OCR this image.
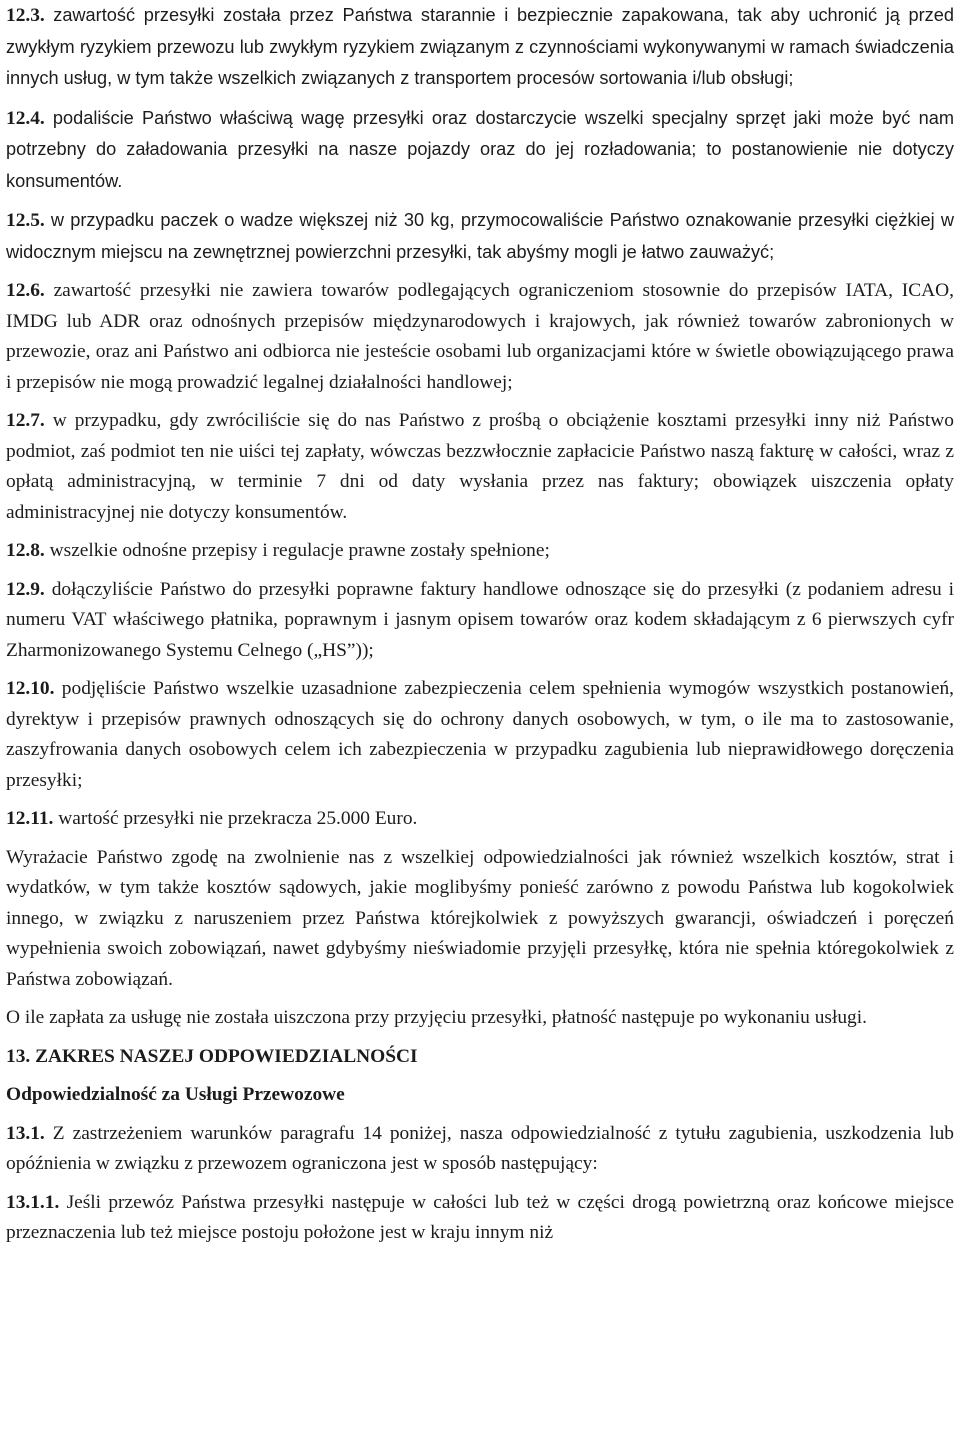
12.3. zawartość przesyłki została przez Państwa starannie i bezpiecznie zapakowana, tak aby uchronić ją przed zwykłym ryzykiem przewozu lub zwykłym ryzykiem związanym z czynnościami wykonywanymi w ramach świadczenia innych usług, w tym także wszelkich związanych z transportem procesów sortowania i/lub obsługi;

12.4. podaliście Państwo właściwą wagę przesyłki oraz dostarczycie wszelki specjalny sprzęt jaki może być nam potrzebny do załadowania przesyłki na nasze pojazdy oraz do jej rozładowania; to postanowienie nie dotyczy konsumentów.

12.5. w przypadku paczek o wadze większej niż 30 kg, przymocowaliście Państwo oznakowanie przesyłki ciężkiej w widocznym miejscu na zewnętrznej powierzchni przesyłki, tak abyśmy mogli je łatwo zauważyć;

12.6. zawartość przesyłki nie zawiera towarów podlegających ograniczeniom stosownie do przepisów IATA, ICAO, IMDG lub ADR oraz odnośnych przepisów międzynarodowych i krajowych, jak również towarów zabronionych w przewozie, oraz ani Państwo ani odbiorca nie jesteście osobami lub organizacjami które w świetle obowiązującego prawa i przepisów nie mogą prowadzić legalnej działalności handlowej;

12.7. w przypadku, gdy zwróciliście się do nas Państwo z prośbą o obciążenie kosztami przesyłki inny niż Państwo podmiot, zaś podmiot ten nie uiści tej zapłaty, wówczas bezzwłocznie zapłacicie Państwo naszą fakturę w całości, wraz z opłatą administracyjną, w terminie 7 dni od daty wysłania przez nas faktury; obowiązek uiszczenia opłaty administracyjnej nie dotyczy konsumentów.

12.8. wszelkie odnośne przepisy i regulacje prawne zostały spełnione;

12.9. dołączyliście Państwo do przesyłki poprawne faktury handlowe odnoszące się do przesyłki (z podaniem adresu i numeru VAT właściwego płatnika, poprawnym i jasnym opisem towarów oraz kodem składającym z 6 pierwszych cyfr Zharmonizowanego Systemu Celnego („HS”));

12.10. podjęliście Państwo wszelkie uzasadnione zabezpieczenia celem spełnienia wymogów wszystkich postanowień, dyrektyw i przepisów prawnych odnoszących się do ochrony danych osobowych, w tym, o ile ma to zastosowanie, zaszyfrowania danych osobowych celem ich zabezpieczenia w przypadku zagubienia lub nieprawidłowego doręczenia przesyłki;

12.11. wartość przesyłki nie przekracza 25.000 Euro.

Wyrażacie Państwo zgodę na zwolnienie nas z wszelkiej odpowiedzialności jak również wszelkich kosztów, strat i wydatków, w tym także kosztów sądowych, jakie moglibyśmy ponieść zarówno z powodu Państwa lub kogokolwiek innego, w związku z naruszeniem przez Państwa którejkolwiek z powyższych gwarancji, oświadczeń i poręczeń wypełnienia swoich zobowiązań, nawet gdybyśmy nieświadomie przyjęli przesyłkę, która nie spełnia któregokolwiek z Państwa zobowiązań.

O ile zapłata za usługę nie została uiszczona przy przyjęciu przesyłki, płatność następuje po wykonaniu usługi.

13. ZAKRES NASZEJ ODPOWIEDZIALNOŚCI

Odpowiedzialność za Usługi Przewozowe

13.1. Z zastrzeżeniem warunków paragrafu 14 poniżej, nasza odpowiedzialność z tytułu zagubienia, uszkodzenia lub opóźnienia w związku z przewozem ograniczona jest w sposób następujący:

13.1.1. Jeśli przewóz Państwa przesyłki następuje w całości lub też w części drogą powietrzną oraz końcowe miejsce przeznaczenia lub też miejsce postoju położone jest w kraju innym niż
